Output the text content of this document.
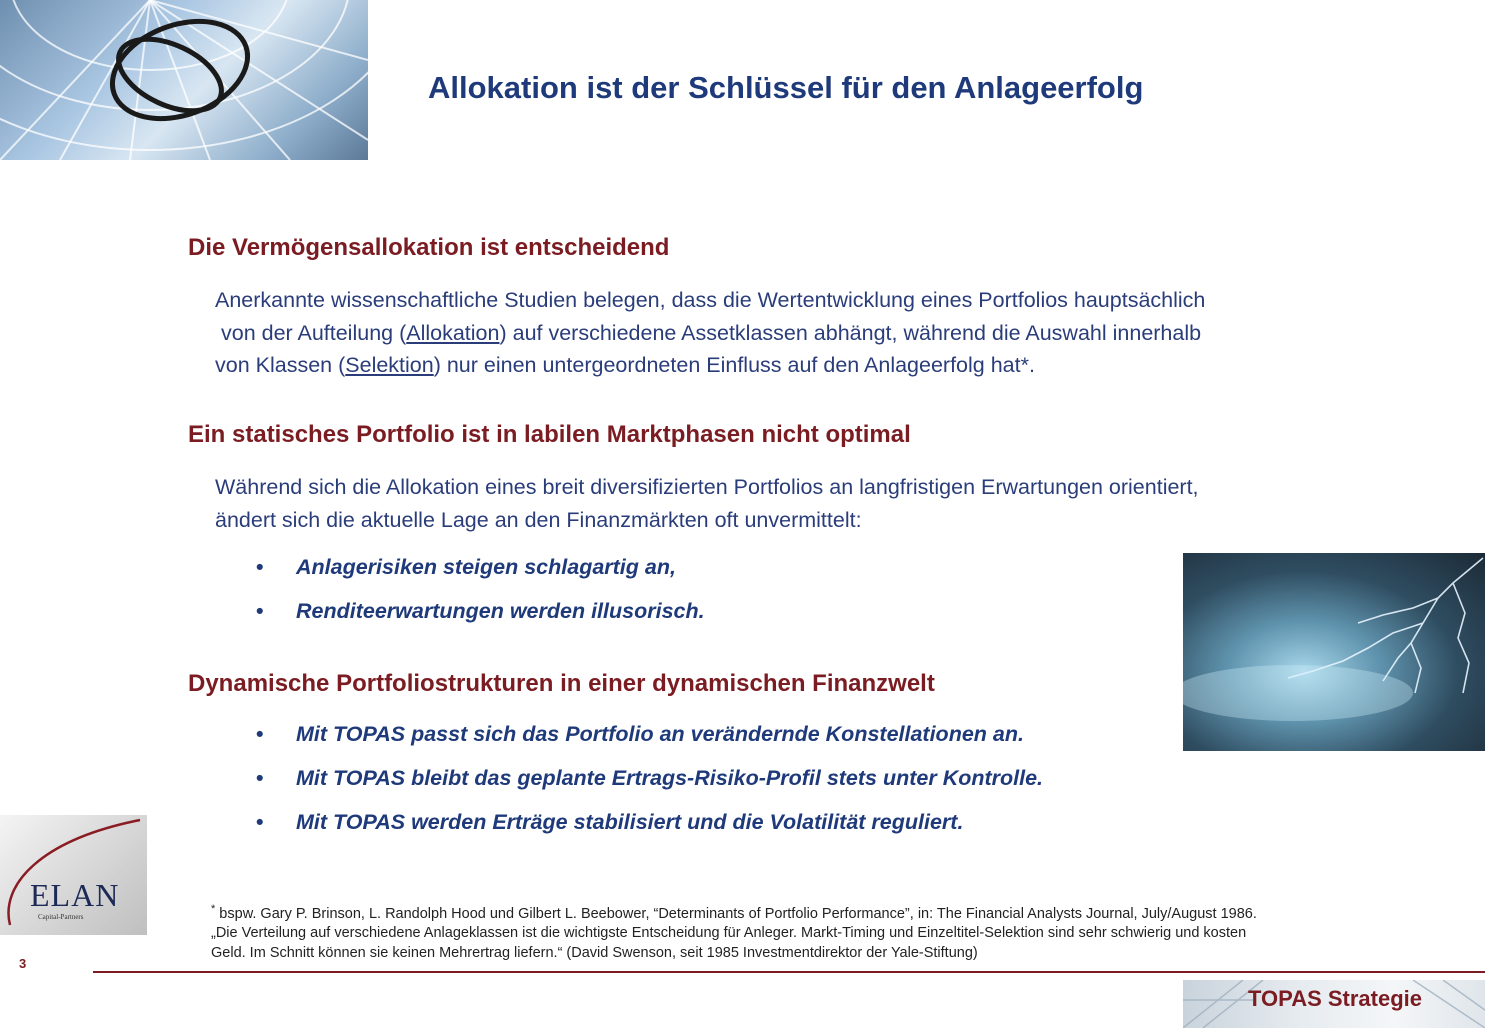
Allokation ist der Schlüssel für den Anlageerfolg
Die Vermögensallokation ist entscheidend
Anerkannte wissenschaftliche Studien belegen, dass die Wertentwicklung eines Portfolios hauptsächlich
von der Aufteilung (Allokation) auf verschiedene Assetklassen abhängt, während die Auswahl innerhalb
von Klassen (Selektion) nur einen untergeordneten Einfluss auf den Anlageerfolg hat*.
Ein statisches Portfolio ist in labilen Marktphasen nicht optimal
Während sich die Allokation eines breit diversifizierten Portfolios an langfristigen Erwartungen orientiert,
ändert sich die aktuelle Lage an den Finanzmärkten oft unvermittelt:
• Anlagerisiken steigen schlagartig an,
• Renditeerwartungen werden illusorisch.
Dynamische Portfoliostrukturen in einer dynamischen Finanzwelt
• Mit TOPAS passt sich das Portfolio an verändernde Konstellationen an.
• Mit TOPAS bleibt das geplante Ertrags-Risiko-Profil stets unter Kontrolle.
• Mit TOPAS werden Erträge stabilisiert und die Volatilität reguliert.
ELAN
Capital-Partners
* bspw. Gary P. Brinson, L. Randolph Hood und Gilbert L. Beebower, “Determinants of Portfolio Performance”, in: The Financial Analysts Journal, July/August 1986.
„Die Verteilung auf verschiedene Anlageklassen ist die wichtigste Entscheidung für Anleger. Markt-Timing und Einzeltitel-Selektion sind sehr schwierig und kosten
Geld. Im Schnitt können sie keinen Mehrertrag liefern.“ (David Swenson, seit 1985 Investmentdirektor der Yale-Stiftung)
3
TOPAS Strategie
